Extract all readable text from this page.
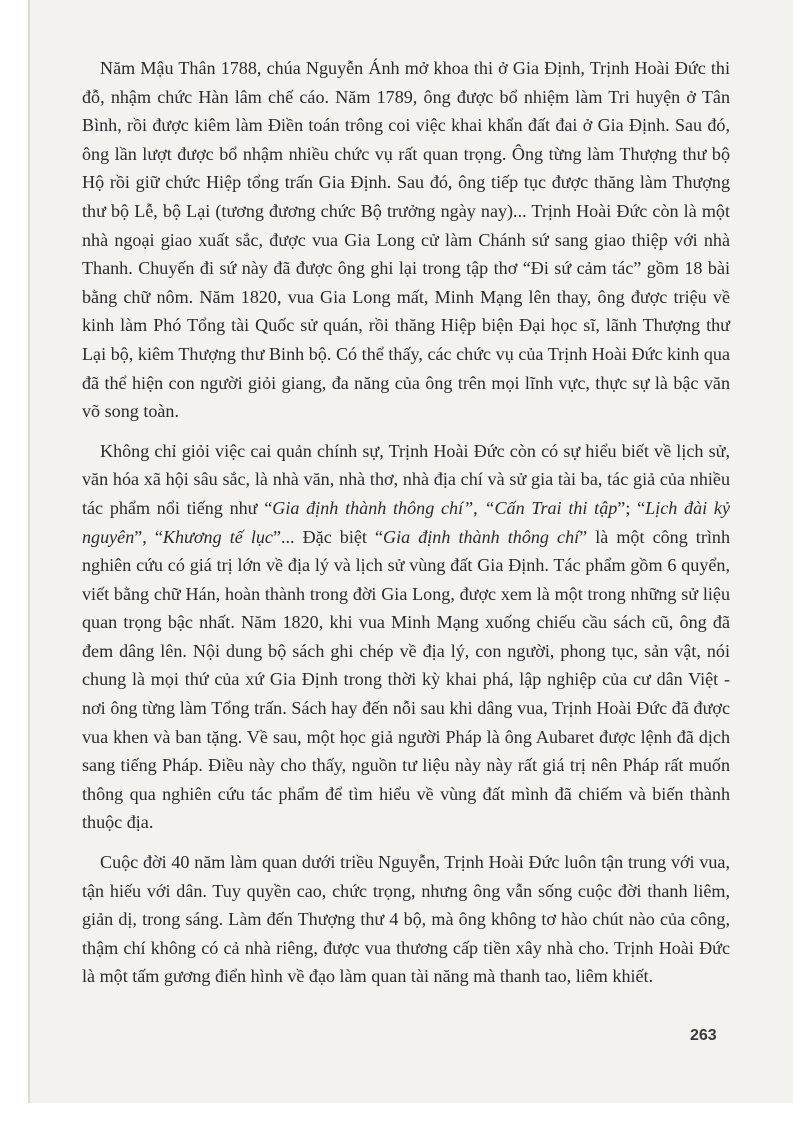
Năm Mậu Thân 1788, chúa Nguyễn Ánh mở khoa thi ở Gia Định, Trịnh Hoài Đức thi đỗ, nhậm chức Hàn lâm chế cáo. Năm 1789, ông được bổ nhiệm làm Tri huyện ở Tân Bình, rồi được kiêm làm Điền toán trông coi việc khai khẩn đất đai ở Gia Định. Sau đó, ông lần lượt được bổ nhậm nhiều chức vụ rất quan trọng. Ông từng làm Thượng thư bộ Hộ rồi giữ chức Hiệp tổng trấn Gia Định. Sau đó, ông tiếp tục được thăng làm Thượng thư bộ Lễ, bộ Lại (tương đương chức Bộ trưởng ngày nay)... Trịnh Hoài Đức còn là một nhà ngoại giao xuất sắc, được vua Gia Long cử làm Chánh sứ sang giao thiệp với nhà Thanh. Chuyến đi sứ này đã được ông ghi lại trong tập thơ “Đi sứ cảm tác” gồm 18 bài bằng chữ nôm. Năm 1820, vua Gia Long mất, Minh Mạng lên thay, ông được triệu về kinh làm Phó Tổng tài Quốc sử quán, rồi thăng Hiệp biện Đại học sĩ, lãnh Thượng thư Lại bộ, kiêm Thượng thư Binh bộ. Có thể thấy, các chức vụ của Trịnh Hoài Đức kinh qua đã thể hiện con người giỏi giang, đa năng của ông trên mọi lĩnh vực, thực sự là bậc văn võ song toàn.

Không chỉ giỏi việc cai quản chính sự, Trịnh Hoài Đức còn có sự hiểu biết về lịch sử, văn hóa xã hội sâu sắc, là nhà văn, nhà thơ, nhà địa chí và sử gia tài ba, tác giả của nhiều tác phẩm nổi tiếng như “Gia định thành thông chí”, “Cấn Trai thi tập”; “Lịch đài kỷ nguyên”, “Khương tế lục”... Đặc biệt “Gia định thành thông chí” là một công trình nghiên cứu có giá trị lớn về địa lý và lịch sử vùng đất Gia Định. Tác phẩm gồm 6 quyển, viết bằng chữ Hán, hoàn thành trong đời Gia Long, được xem là một trong những sử liệu quan trọng bậc nhất. Năm 1820, khi vua Minh Mạng xuống chiếu cầu sách cũ, ông đã đem dâng lên. Nội dung bộ sách ghi chép về địa lý, con người, phong tục, sản vật, nói chung là mọi thứ của xứ Gia Định trong thời kỳ khai phá, lập nghiệp của cư dân Việt - nơi ông từng làm Tổng trấn. Sách hay đến nỗi sau khi dâng vua, Trịnh Hoài Đức đã được vua khen và ban tặng. Về sau, một học giả người Pháp là ông Aubaret được lệnh đã dịch sang tiếng Pháp. Điều này cho thấy, nguồn tư liệu này này rất giá trị nên Pháp rất muốn thông qua nghiên cứu tác phẩm để tìm hiểu về vùng đất mình đã chiếm và biến thành thuộc địa.

Cuộc đời 40 năm làm quan dưới triều Nguyễn, Trịnh Hoài Đức luôn tận trung với vua, tận hiếu với dân. Tuy quyền cao, chức trọng, nhưng ông vẫn sống cuộc đời thanh liêm, giản dị, trong sáng. Làm đến Thượng thư 4 bộ, mà ông không tơ hào chút nào của công, thậm chí không có cả nhà riêng, được vua thương cấp tiền xây nhà cho. Trịnh Hoài Đức là một tấm gương điển hình về đạo làm quan tài năng mà thanh tao, liêm khiết.

263
